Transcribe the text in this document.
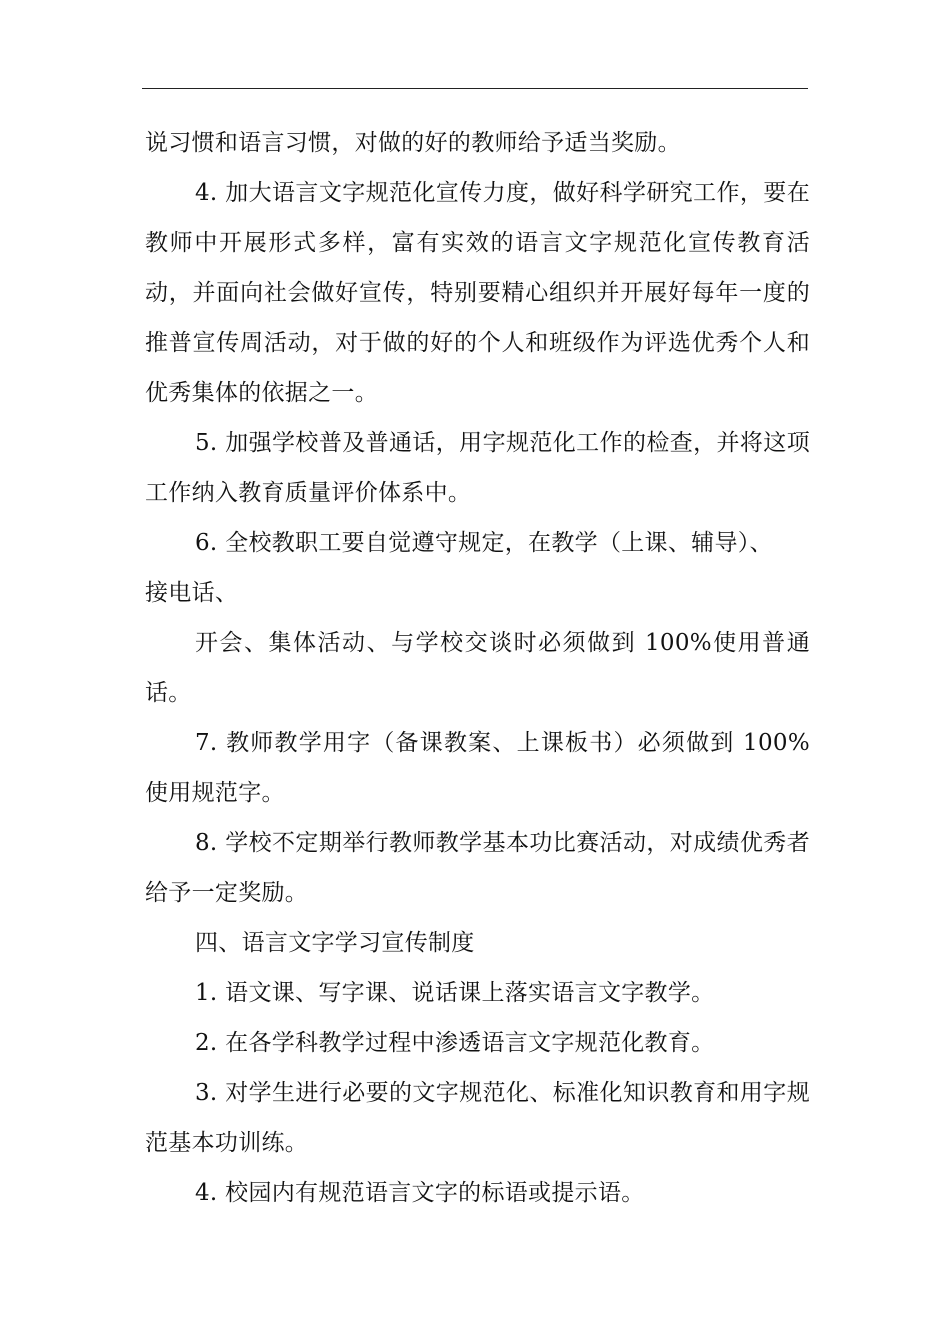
说习惯和语言习惯，对做的好的教师给予适当奖励。

4. 加大语言文字规范化宣传力度，做好科学研究工作，要在教师中开展形式多样，富有实效的语言文字规范化宣传教育活动，并面向社会做好宣传，特别要精心组织并开展好每年一度的推普宣传周活动，对于做的好的个人和班级作为评选优秀个人和优秀集体的依据之一。

5. 加强学校普及普通话，用字规范化工作的检查，并将这项工作纳入教育质量评价体系中。

6. 全校教职工要自觉遵守规定，在教学（上课、辅导）、

接电话、

开会、集体活动、与学校交谈时必须做到 100%使用普通话。

7. 教师教学用字（备课教案、上课板书）必须做到 100%使用规范字。

8. 学校不定期举行教师教学基本功比赛活动，对成绩优秀者给予一定奖励。

四、语言文字学习宣传制度

1. 语文课、写字课、说话课上落实语言文字教学。

2. 在各学科教学过程中渗透语言文字规范化教育。

3. 对学生进行必要的文字规范化、标准化知识教育和用字规范基本功训练。

4. 校园内有规范语言文字的标语或提示语。
